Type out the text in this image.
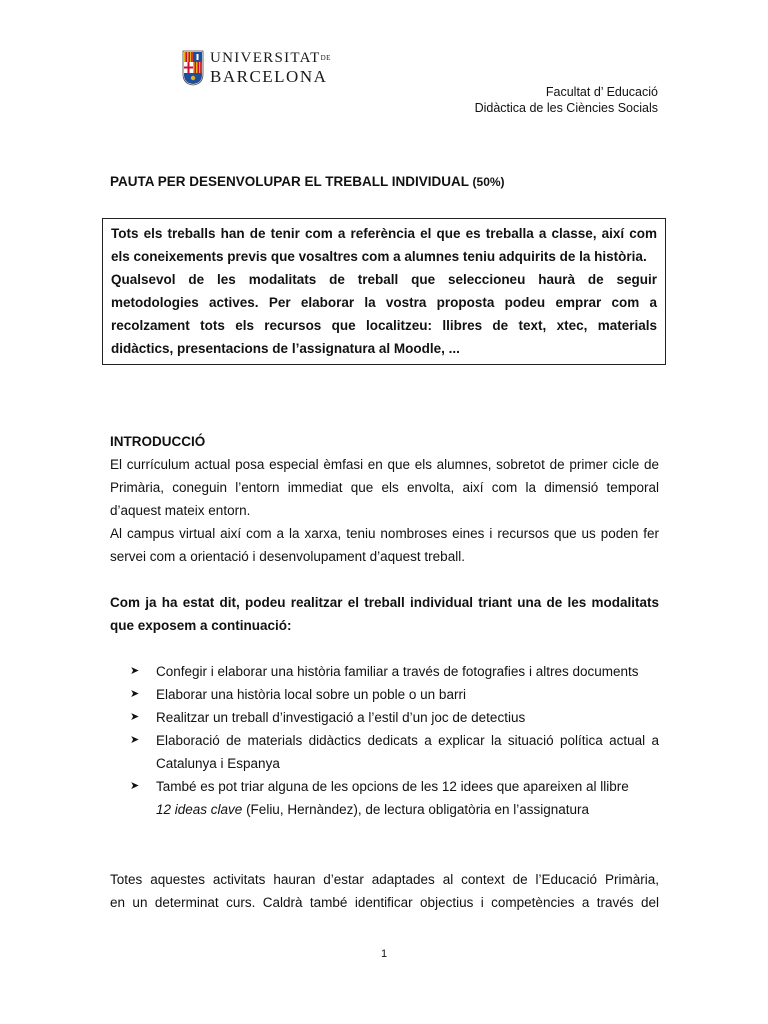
UNIVERSITATDE
BARCELONA
Facultat d’ Educació
Didàctica de les Ciències Socials
PAUTA PER DESENVOLUPAR EL TREBALL INDIVIDUAL (50%)

Tots els treballs han de tenir com a referència el que es treballa a classe, així com els coneixements previs que vosaltres com a alumnes teniu adquirits de la història.

Qualsevol de les modalitats de treball que seleccioneu haurà de seguir metodologies actives. Per elaborar la vostra proposta podeu emprar com a recolzament tots els recursos que localitzeu: llibres de text, xtec, materials didàctics, presentacions de l’assignatura al Moodle, ...

INTRODUCCIÓ

El currículum actual posa especial èmfasi en que els alumnes, sobretot de primer cicle de Primària, coneguin l’entorn immediat que els envolta, així com la dimensió temporal d’aquest mateix entorn.

Al campus virtual així com a la xarxa, teniu nombroses eines i recursos que us poden fer servei com a orientació i desenvolupament d’aquest treball.

Com ja ha estat dit, podeu realitzar el treball individual triant una de les modalitats que exposem a continuació:

➤ Confegir i elaborar una història familiar a través de fotografies i altres documents
➤ Elaborar una història local sobre un poble o un barri
➤ Realitzar un treball d’investigació a l’estil d’un joc de detectius
➤ Elaboració de materials didàctics dedicats a explicar la situació política actual a Catalunya i Espanya
➤ També es pot triar alguna de les opcions de les 12 idees que apareixen al llibre
12 ideas clave (Feliu, Hernàndez), de lectura obligatòria en l’assignatura

Totes aquestes activitats hauran d’estar adaptades al context de l’Educació Primària,

en un determinat curs. Caldrà també identificar objectius i competències a través del

1
